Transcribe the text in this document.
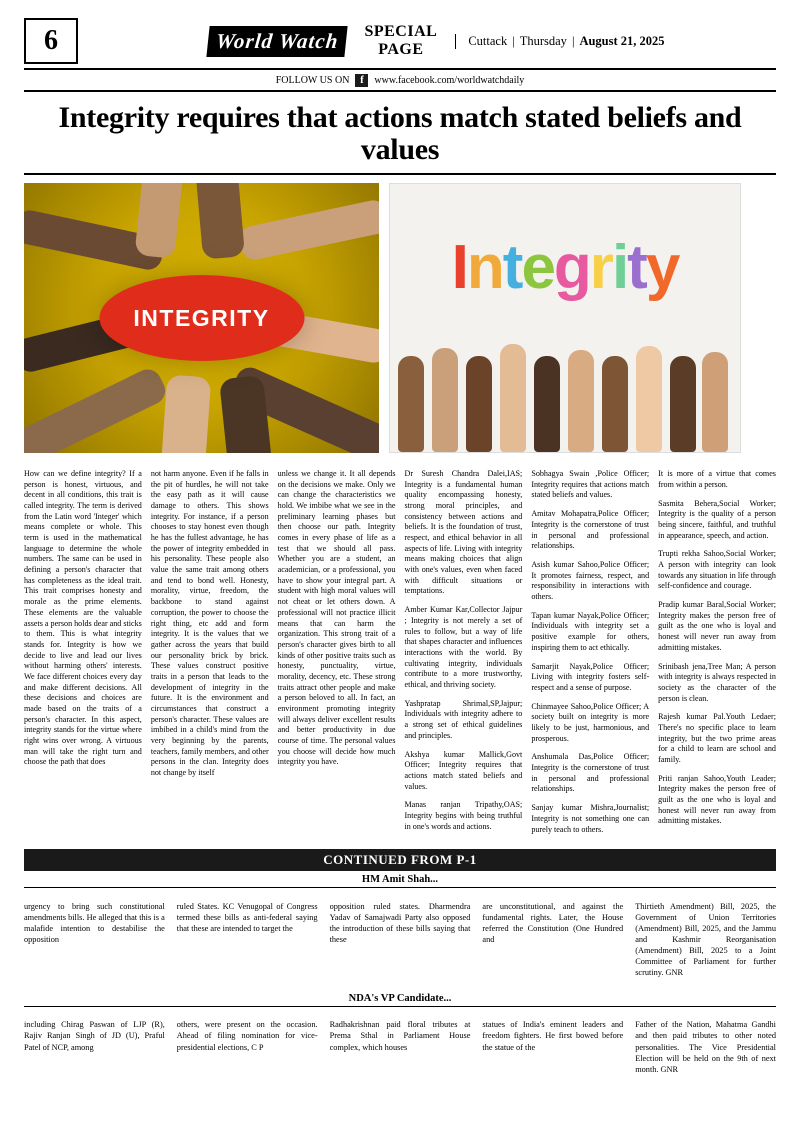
6	World Watch	SPECIAL
PAGE
Cuttack | Thursday | August 21, 2025
FOLLOW US ON f	www.facebook.com/worldwatchdaily
Integrity requires that actions match stated beliefs and values
INTEGRITY
Integrity

How can we define integrity? If a person is honest, virtuous, and decent in all conditions, this trait is called integrity. The term is derived from the Latin word 'Integer' which means complete or whole. This term is used in the mathematical language to determine the whole numbers. The same can be used in defining a person's character that has completeness as the ideal trait. This trait comprises honesty and morale as the prime elements. These elements are the valuable assets a person holds dear and sticks to them. This is what integrity stands for. Integrity is how we decide to live and lead our lives without harming others' interests. We face different choices every day and make different decisions. All these decisions and choices are made based on the traits of a person's character. In this aspect, integrity stands for the virtue where right wins over wrong. A virtuous man will take the right turn and choose the path that does

not harm anyone. Even if he falls in the pit of hurdles, he will not take the easy path as it will cause damage to others. This shows integrity. For instance, if a person chooses to stay honest even though he has the fullest advantage, he has the power of integrity embedded in his personality. These people also value the same trait among others and tend to bond well. Honesty, morality, virtue, freedom, the backbone to stand against corruption, the power to choose the right thing, etc add and form integrity. It is the values that we gather across the years that build our personality brick by brick. These values construct positive traits in a person that leads to the development of integrity in the future. It is the environment and circumstances that construct a person's character. These values are imbibed in a child's mind from the very beginning by the parents, teachers, family members, and other persons in the clan. Integrity does not change by itself

unless we change it. It all depends on the decisions we make. Only we can change the characteristics we hold. We imbibe what we see in the preliminary learning phases but then choose our path. Integrity comes in every phase of life as a test that we should all pass. Whether you are a student, an academician, or a professional, you have to show your integral part. A student with high moral values will not cheat or let others down. A professional will not practice illicit means that can harm the organization. This strong trait of a person's character gives birth to all kinds of other positive traits such as honesty, punctuality, virtue, morality, decency, etc. These strong traits attract other people and make a person beloved to all. In fact, an environment promoting integrity will always deliver excellent results and better productivity in due course of time. The personal values you choose will decide how much integrity you have.

Dr Suresh Chandra Dalei,IAS; Integrity is a fundamental human quality encompassing honesty, strong moral principles, and consistency between actions and beliefs. It is the foundation of trust, respect, and ethical behavior in all aspects of life. Living with integrity means making choices that align with one's values, even when faced with difficult situations or temptations.

Amber Kumar Kar,Collector Jajpur ; Integrity is not merely a set of rules to follow, but a way of life that shapes character and influences interactions with the world. By cultivating integrity, individuals contribute to a more trustworthy, ethical, and thriving society.

Yashpratap Shrimal,SP,Jajpur; Individuals with integrity adhere to a strong set of ethical guidelines and principles.

Akshya kumar Mallick,Govt Officer; Integrity requires that actions match stated beliefs and values.

Manas ranjan Tripathy,OAS; Integrity begins with being truthful in one's words and actions.

Sobhagya Swain ,Police Officer; Integrity requires that actions match stated beliefs and values.

Amitav Mohapatra,Police Officer; Integrity is the cornerstone of trust in personal and professional relationships.

Asish kumar Sahoo,Police Officer; It promotes fairness, respect, and responsibility in interactions with others.

Tapan kumar Nayak,Police Officer; Individuals with integrity set a positive example for others, inspiring them to act ethically.

Samarjit Nayak,Police Officer; Living with integrity fosters self-respect and a sense of purpose.

Chinmayee Sahoo,Police Officer; A society built on integrity is more likely to be just, harmonious, and prosperous.

Anshumala Das,Police Officer; Integrity is the cornerstone of trust in personal and professional relationships.

Sanjay kumar Mishra,Journalist; Integrity is not something one can purely teach to others.

It is more of a virtue that comes from within a person.

Sasmita Behera,Social Worker; Integrity is the quality of a person being sincere, faithful, and truthful in appearance, speech, and action.

Trupti rekha Sahoo,Social Worker; A person with integrity can look towards any situation in life through self-confidence and courage.

Pradip kumar Baral,Social Worker; Integrity makes the person free of guilt as the one who is loyal and honest will never run away from admitting mistakes.

Srinibash jena,Tree Man; A person with integrity is always respected in society as the character of the person is clean.

Rajesh kumar Pal.Youth Ledaer; There's no specific place to learn integrity, but the two prime areas for a child to learn are school and family.

Priti ranjan Sahoo,Youth Leader; Integrity makes the person free of guilt as the one who is loyal and honest will never run away from admitting mistakes.

CONTINUED FROM P-1
HM Amit Shah...

urgency to bring such constitutional amendments bills. He alleged that this is a malafide intention to destabilise the opposition

ruled States. KC Venugopal of Congress termed these bills as anti-federal saying that these are intended to target the

opposition ruled states. Dharmendra Yadav of Samajwadi Party also opposed the introduction of these bills saying that these

are unconstitutional, and against the fundamental rights. Later, the House referred the Constitution (One Hundred and

Thirtieth Amendment) Bill, 2025, the Government of Union Territories (Amendment) Bill, 2025, and the Jammu and Kashmir Reorganisation (Amendment) Bill, 2025 to a Joint Committee of Parliament for further scrutiny. GNR

NDA's VP Candidate...

including Chirag Paswan of LJP (R), Rajiv Ranjan Singh of JD (U), Praful Patel of NCP, among

others, were present on the occasion. Ahead of filing nomination for vice-presidential elections, C P

Radhakrishnan paid floral tributes at Prema Sthal in Parliament House complex, which houses

statues of India's eminent leaders and freedom fighters. He first bowed before the statue of the

Father of the Nation, Mahatma Gandhi and then paid tributes to other noted personalities. The Vice Presidential Election will be held on the 9th of next month. GNR
